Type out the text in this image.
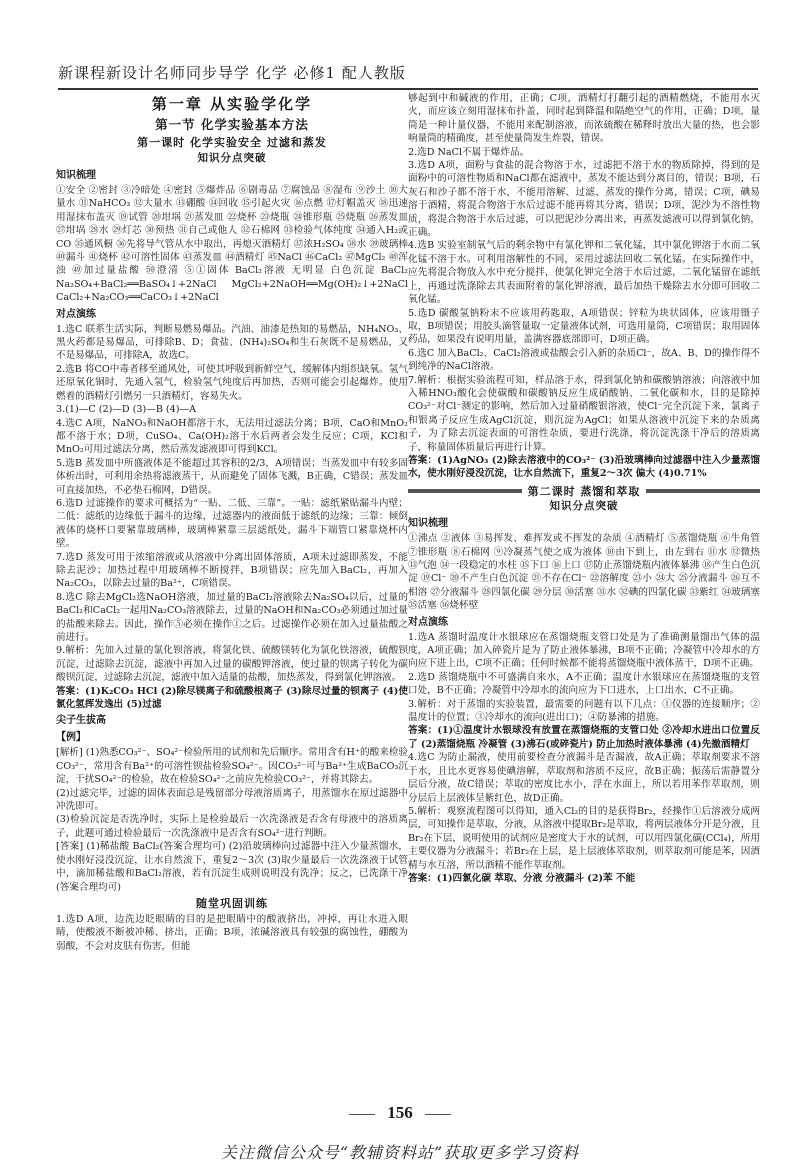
新课程新设计名师同步导学 化学 必修1 配人教版
第一章 从实验学化学
第一节 化学实验基本方法
第一课时 化学实验安全 过滤和蒸发
知识分点突破
知识梳理

①安全 ②密封 ③冷暗处 ④密封 ⑤爆炸品 ⑥剧毒品 ⑦腐蚀品 ⑧湿布 ⑨沙土 ⑩大量水 ⑪NaHCO₃ ⑫大量水 ⑬硼酸 ⑭回收 ⑮引起火灾 ⑯点燃 ⑰灯帽盖灭 ⑱迅速用湿抹布盖灭 ⑲试管 ⑳坩埚 ㉑蒸发皿 ㉒烧杯 ㉓烧瓶 ㉔锥形瓶 ㉕烧瓶 ㉖蒸发皿 ㉗坩埚 ㉘水 ㉙灯芯 ㉚预热 ㉛自己或他人 ㉜石棉网 ㉝检验气体纯度 ㉞通入H₂或CO ㉟通风橱 ㊱先将导气管从水中取出，再熄灭酒精灯 ㊲浓H₂SO₄ ㊳水 ㊴玻璃棒 ㊵漏斗 ㊶烧杯 ㊷可溶性固体 ㊸蒸发皿 ㊹酒精灯 ㊺NaCl ㊻CaCl₂ ㊼MgCl₂ ㊽浑浊 ㊾加过量盐酸 ㊿澄清 ⑤①固体 BaCl₂溶液 无明显 白色沉淀 BaCl₂ Na₂SO₄+BaCl₂══BaSO₄↓+2NaCl MgCl₂+2NaOH══Mg(OH)₂↓+2NaCl CaCl₂+Na₂CO₃══CaCO₃↓+2NaCl

对点演练

1.选C 联系生活实际，判断易燃易爆品。汽油、油漆是热知的易燃品，NH₄NO₃、黑火药都是易爆品，可排除B、D；食盐、(NH₄)₂SO₄和生石灰既不是易燃品，又不是易爆品，可排除A，故选C。

2.选B 将CO中毒者移至通风处，可使其呼吸到新鲜空气，缓解体内组织缺氧。氢气还原氧化铜时，先通入氢气，检验氢气纯度后再加热，否则可能会引起爆炸。使用燃着的酒精灯引燃另一只酒精灯，容易失火。

3.(1)—C (2)—D (3)—B (4)—A

4.选C A项，NaNO₃和NaOH都溶于水，无法用过滤法分离；B项，CaO和MnO₂都不溶于水；D项，CuSO₄、Ca(OH)₂溶于水后两者会发生反应；C项，KCl和MnO₂可用过滤法分离，然后蒸发滤液即可得到KCl。

5.选B 蒸发皿中所盛液体是不能超过其容积的2/3，A项错误；当蒸发皿中有较多固体析出时，可利用余热将滤液蒸干，从而避免了固体飞溅，B正确，C错误；蒸发皿可直接加热，不必垫石棉网，D错误。

6.选D 过滤操作的要求可概括为“一贴、二低、三靠”。一贴：滤纸紧贴漏斗内壁；二低：滤纸的边缘低于漏斗的边缘，过滤器内的液面低于滤纸的边缘；三靠：倾倒液体的烧杯口要紧靠玻璃棒，玻璃棒紧靠三层滤纸处，漏斗下端管口紧靠烧杯内壁。

7.选D 蒸发可用于浓缩溶液或从溶液中分离出固体溶质，A项未过滤即蒸发，不能除去泥沙；加热过程中用玻璃棒不断搅拌，B项错误；应先加入BaCl₂，再加入Na₂CO₃，以除去过量的Ba²⁺，C项错误。

8.选C 除去MgCl₂选NaOH溶液，加过量的BaCl₂溶液除去Na₂SO₄以后，过量的BaCl₂和CaCl₂一起用Na₂CO₃溶液除去，过量的NaOH和Na₂CO₃必须通过加过量的盐酸来除去。因此，操作⑤必须在操作①之后。过滤操作必须在加入过量盐酸之前进行。

9.解析：先加入过量的氯化钡溶液，将氯化铁、硫酸镁转化为氯化铁溶液，硫酸钡沉淀，过滤除去沉淀，滤液中再加入过量的碳酸钾溶液，使过量的钡离子转化为碳酸钡沉淀，过滤除去沉淀，滤液中加入适量的盐酸，加热蒸发，得到氯化钾溶液。

答案：(1)K₂CO₃ HCl (2)除尽镁离子和硫酸根离子 (3)除尽过量的钡离子 (4)使氯化氢挥发逸出 (5)过滤

尖子生拔高
【例】

[解析] (1)熟悉CO₃²⁻、SO₄²⁻检验所用的试剂和先后顺序。常用含有H⁺的酸来检验CO₃²⁻，常用含有Ba²⁺的可溶性钡盐检验SO₄²⁻。因CO₃²⁻可与Ba²⁺生成BaCO₃沉淀，干扰SO₄²⁻的检验，故在检验SO₄²⁻之前应先检验CO₃²⁻，并将其除去。

(2)过滤完毕，过滤的固体表面总是残留部分母液溶质离子，用蒸馏水在原过滤器中冲洗即可。

(3)检验沉淀是否洗净时，实际上是检验最后一次洗涤液是否含有母液中的溶质离子，此题可通过检验最后一次洗涤液中是否含有SO₄²⁻进行判断。

[答案] (1)稀盐酸 BaCl₂(答案合理均可) (2)沿玻璃棒向过滤器中注入少量蒸馏水，使水刚好浸没沉淀，让水自然流下，重复2～3次 (3)取少量最后一次洗涤液于试管中，滴加稀盐酸和BaCl₂溶液，若有沉淀生成则说明没有洗净；反之，已洗涤干净(答案合理均可)

随堂巩固训练

1.选D A项，边洗边眨眼睛的目的是把眼睛中的酸液挤出，冲掉，再让水进入眼睛，使酸液不断被冲稀、挤出，正确；B项，浓碱溶液具有较强的腐蚀性，硼酸为弱酸，不会对皮肤有伤害，但能

够起到中和碱液的作用，正确；C项，酒精灯打翻引起的酒精燃烧，不能用水灭火，而应该立刻用湿抹布扑盖，同时起到降温和隔绝空气的作用，正确；D项，量筒是一种计量仪器，不能用来配制溶液，而浓硫酸在稀释时放出大量的热，也会影响量筒的精确度，甚至使量筒发生炸裂，错误。

2.选D NaCl不属于爆炸品。

3.选D A项，面粉与食盐的混合物溶于水，过滤把不溶于水的物质除掉，得到的是面粉中的可溶性物质和NaCl都在滤液中，蒸发不能达到分离目的，错误；B项，石灰石和沙子都不溶于水，不能用溶解、过滤、蒸发的操作分离，错误；C项，碘易溶于酒精，将混合物溶于水后过滤不能再将其分离，错误；D项，泥沙为不溶性物质，将混合物溶于水后过滤，可以把泥沙分离出来，再蒸发滤液可以得到氯化钠，正确。

4.选B 实验室制氧气后的剩余物中有氯化钾和二氧化锰，其中氯化钾溶于水而二氧化锰不溶于水。可利用溶解性的不同，采用过滤法回收二氧化锰。在实际操作中，应先将混合物放入水中充分搅拌，使氯化钾完全溶于水后过滤，二氧化锰留在滤纸上，再通过洗涤除去其表面附着的氯化钾溶液，最后加热干燥除去水分即可回收二氧化锰。

5.选D 碳酸氢钠粉末不应该用药匙取，A项错误；锌粒为块状固体，应该用镊子取，B项错误；用胶头滴管量取一定量液体试剂，可选用量筒，C项错误；取用固体药品，如果没有说明用量，盖满容器底部即可，D项正确。

6.选C 加入BaCl₂、CaCl₂溶液或盐酸会引入新的杂质Cl⁻，故A、B、D的操作得不到纯净的NaCl溶液。

7.解析：根据实验流程可知，样品溶于水，得到氯化钠和碳酸钠溶液；向溶液中加入稀HNO₃酸化会使碳酸和碳酸钠反应生成硝酸钠、二氧化碳和水，目的是除掉CO₃²⁻对Cl⁻测定的影响，然后加入过量硝酸银溶液，使Cl⁻完全沉淀下来，氯离子和银离子反应生成AgCl沉淀，则沉淀为AgCl；如果从溶液中沉淀下来的杂质离子，为了除去沉淀表面的可溶性杂质，要进行洗涤，将沉淀洗涤干净后的溶质离子，称量固体质量后再进行计算。

答案：(1)AgNO₃ (2)除去溶液中的CO₃²⁻ (3)沿玻璃棒向过滤器中注入少量蒸馏水，使水刚好浸没沉淀，让水自然流下，重复2～3次 偏大 (4)0.71%

第二课时 蒸馏和萃取
知识分点突破
知识梳理

①沸点 ②液体 ③易挥发、难挥发或不挥发的杂质 ④酒精灯 ⑤蒸馏烧瓶 ⑥牛角管 ⑦锥形瓶 ⑧石棉网 ⑨冷凝蒸气使之成为液体 ⑩由下到上，由左到右 ⑪水 ⑫微热 ⑬气泡 ⑭一段稳定的水柱 ⑮下口 ⑯上口 ⑰防止蒸馏烧瓶内液体暴沸 ⑱产生白色沉淀 ⑲Cl⁻ ⑳不产生白色沉淀 ㉑不存在Cl⁻ ㉒溶解度 ㉓小 ㉔大 ㉕分液漏斗 ㉖互不相溶 ㉗分液漏斗 ㉘四氯化碳 ㉙分层 ㉚活塞 ㉛水 ㉜碘的四氯化碳 ㉝紫红 ㉞玻璃塞 ㉟活塞 ㊱烧杯壁

对点演练

1.选A 蒸馏时温度计水银球应在蒸馏烧瓶支管口处是为了准确测量馏出气体的温度，A项正确；加入碎瓷片是为了防止液体暴沸，B项不正确；冷凝管中冷却水的方向应下进上出，C项不正确；任何时候都不能将蒸馏烧瓶中液体蒸干，D项不正确。

2.选D 蒸馏烧瓶中不可盛满自来水，A不正确；温度计水银球应在蒸馏烧瓶的支管口处，B不正确；冷凝管中冷却水的流向应为下口进水，上口出水，C不正确。

3.解析：对于蒸馏的实验装置，最需要的问题有以下几点：①仪器的连接顺序；②温度计的位置；③冷却水的流向(进出口)；④防暴沸的措施。

答案：(1)①温度计水银球没有放置在蒸馏烧瓶的支管口处 ②冷却水进出口位置反了 (2)蒸馏烧瓶 冷凝管 (3)沸石(或碎瓷片) 防止加热时液体暴沸 (4)先撤酒精灯

4.选C 为防止漏液，使用前要检查分液漏斗是否漏液，故A正确；萃取剂要求不溶于水，且比水更容易使碘溶解，萃取剂和溶质不反应，故B正确；振荡后需静置分层后分液，故C错误；萃取的密度比水小，浮在水面上，所以若用苯作萃取剂，则分层后上层液体呈紫红色，故D正确。

5.解析：观察流程图可以得知，通入Cl₂的目的是获得Br₂，经操作①后溶液分成两层，可知操作是萃取，分液，从溶液中提取Br₂是萃取，将两层液体分开是分液，且Br₂在下层，说明使用的试剂应是密度大于水的试剂，可以用四氯化碳(CCl₄)，所用主要仪器为分液漏斗；若Br₂在上层，是上层液体萃取剂，则萃取剂可能是苯，因酒精与水互溶，所以酒精不能作萃取剂。

答案：(1)四氯化碳 萃取、分液 分液漏斗 (2)苯 不能

156
关注微信公众号“教辅资料站”获取更多学习资料
